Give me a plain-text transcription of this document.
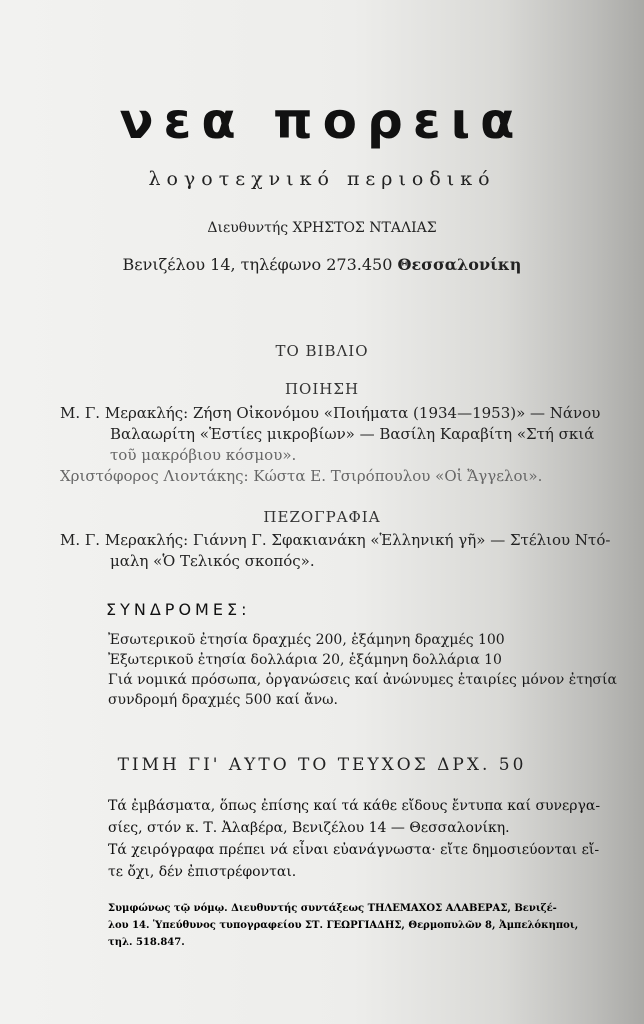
νεα πορεια
λογοτεχνικό περιοδικό
Διευθυντής ΧΡΗΣΤΟΣ ΝΤΑΛΙΑΣ
Βενιζέλου 14, τηλέφωνο 273.450 Θεσσαλονίκη
ΤΟ ΒΙΒΛΙΟ
ΠΟΙΗΣΗ
Μ. Γ. Μερακλής: Ζήση Οἰκονόμου «Ποιήματα (1934—1953)» — Νάνου
Βαλαωρίτη «Ἑστίες μικροβίων» — Βασίλη Καραβίτη «Στή σκιά
τοῦ μακρόβιου κόσμου».
Χριστόφορος Λιοντάκης: Κώστα Ε. Τσιρόπουλου «Οἱ Ἄγγελοι».
ΠΕΖΟΓΡΑΦΙΑ
Μ. Γ. Μερακλής: Γιάννη Γ. Σφακιανάκη «Ἑλληνική γῆ» — Στέλιου Ντό-
μαλη «Ὁ Τελικός σκοπός».
ΣΥΝΔΡΟΜΕΣ:
Ἐσωτερικοῦ ἐτησία δραχμές 200, ἑξάμηνη δραχμές 100
Ἐξωτερικοῦ ἐτησία δολλάρια 20, ἑξάμηνη δολλάρια 10
Γιά νομικά πρόσωπα, ὀργανώσεις καί ἀνώνυμες ἑταιρίες μόνον ἐτησία
συνδρομή δραχμές 500 καί ἄνω.
ΤΙΜΗ ΓΙ' ΑΥΤΟ ΤΟ ΤΕΥΧΟΣ ΔΡΧ. 50
Τά ἐμβάσματα, ὅπως ἐπίσης καί τά κάθε εἴδους ἔντυπα καί συνεργα-
σίες, στόν κ. Τ. Ἀλαβέρα, Βενιζέλου 14 — Θεσσαλονίκη.
Τά χειρόγραφα πρέπει νά εἶναι εὐανάγνωστα· εἴτε δημοσιεύονται εἴ-
τε ὄχι, δέν ἐπιστρέφονται.
Συμφώνως τῷ νόμῳ. Διευθυντής συντάξεως ΤΗΛΕΜΑΧΟΣ ΑΛΑΒΕΡΑΣ, Βενιζέ-
λου 14. Ὑπεύθυνος τυπογραφείου ΣΤ. ΓΕΩΡΓΙΑΔΗΣ, Θερμοπυλῶν 8, Ἀμπελόκηποι,
τηλ. 518.847.
